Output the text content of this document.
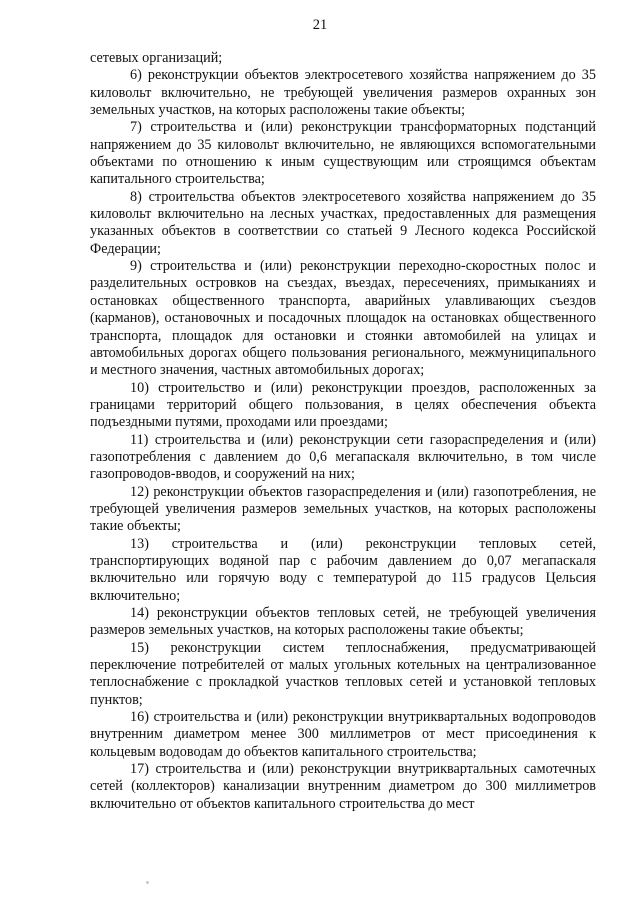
21

сетевых организаций;

6) реконструкции объектов электросетевого хозяйства напряжением до 35 киловольт включительно, не требующей увеличения размеров охранных зон земельных участков, на которых расположены такие объекты;

7) строительства и (или) реконструкции трансформаторных подстанций напряжением до 35 киловольт включительно, не являющихся вспомогательными объектами по отношению к иным существующим или строящимся объектам капитального строительства;

8) строительства объектов электросетевого хозяйства напряжением до 35 киловольт включительно на лесных участках, предоставленных для размещения указанных объектов в соответствии со статьей 9 Лесного кодекса Российской Федерации;

9) строительства и (или) реконструкции переходно-скоростных полос и разделительных островков на съездах, въездах, пересечениях, примыканиях и остановках общественного транспорта, аварийных улавливающих съездов (карманов), остановочных и посадочных площадок на остановках общественного транспорта, площадок для остановки и стоянки автомобилей на улицах и автомобильных дорогах общего пользования регионального, межмуниципального и местного значения, частных автомобильных дорогах;

10) строительство и (или) реконструкции проездов, расположенных за границами территорий общего пользования, в целях обеспечения объекта подъездными путями, проходами или проездами;

11) строительства и (или) реконструкции сети газораспределения и (или) газопотребления с давлением до 0,6 мегапаскаля включительно, в том числе газопроводов-вводов, и сооружений на них;

12) реконструкции объектов газораспределения и (или) газопотребления, не требующей увеличения размеров земельных участков, на которых расположены такие объекты;

13) строительства и (или) реконструкции тепловых сетей, транспортирующих водяной пар с рабочим давлением до 0,07 мегапаскаля включительно или горячую воду с температурой до 115 градусов Цельсия включительно;

14) реконструкции объектов тепловых сетей, не требующей увеличения размеров земельных участков, на которых расположены такие объекты;

15) реконструкции систем теплоснабжения, предусматривающей переключение потребителей от малых угольных котельных на централизованное теплоснабжение с прокладкой участков тепловых сетей и установкой тепловых пунктов;

16) строительства и (или) реконструкции внутриквартальных водопроводов внутренним диаметром менее 300 миллиметров от мест присоединения к кольцевым водоводам до объектов капитального строительства;

17) строительства и (или) реконструкции внутриквартальных самотечных сетей (коллекторов) канализации внутренним диаметром до 300 миллиметров включительно от объектов капитального строительства до мест
